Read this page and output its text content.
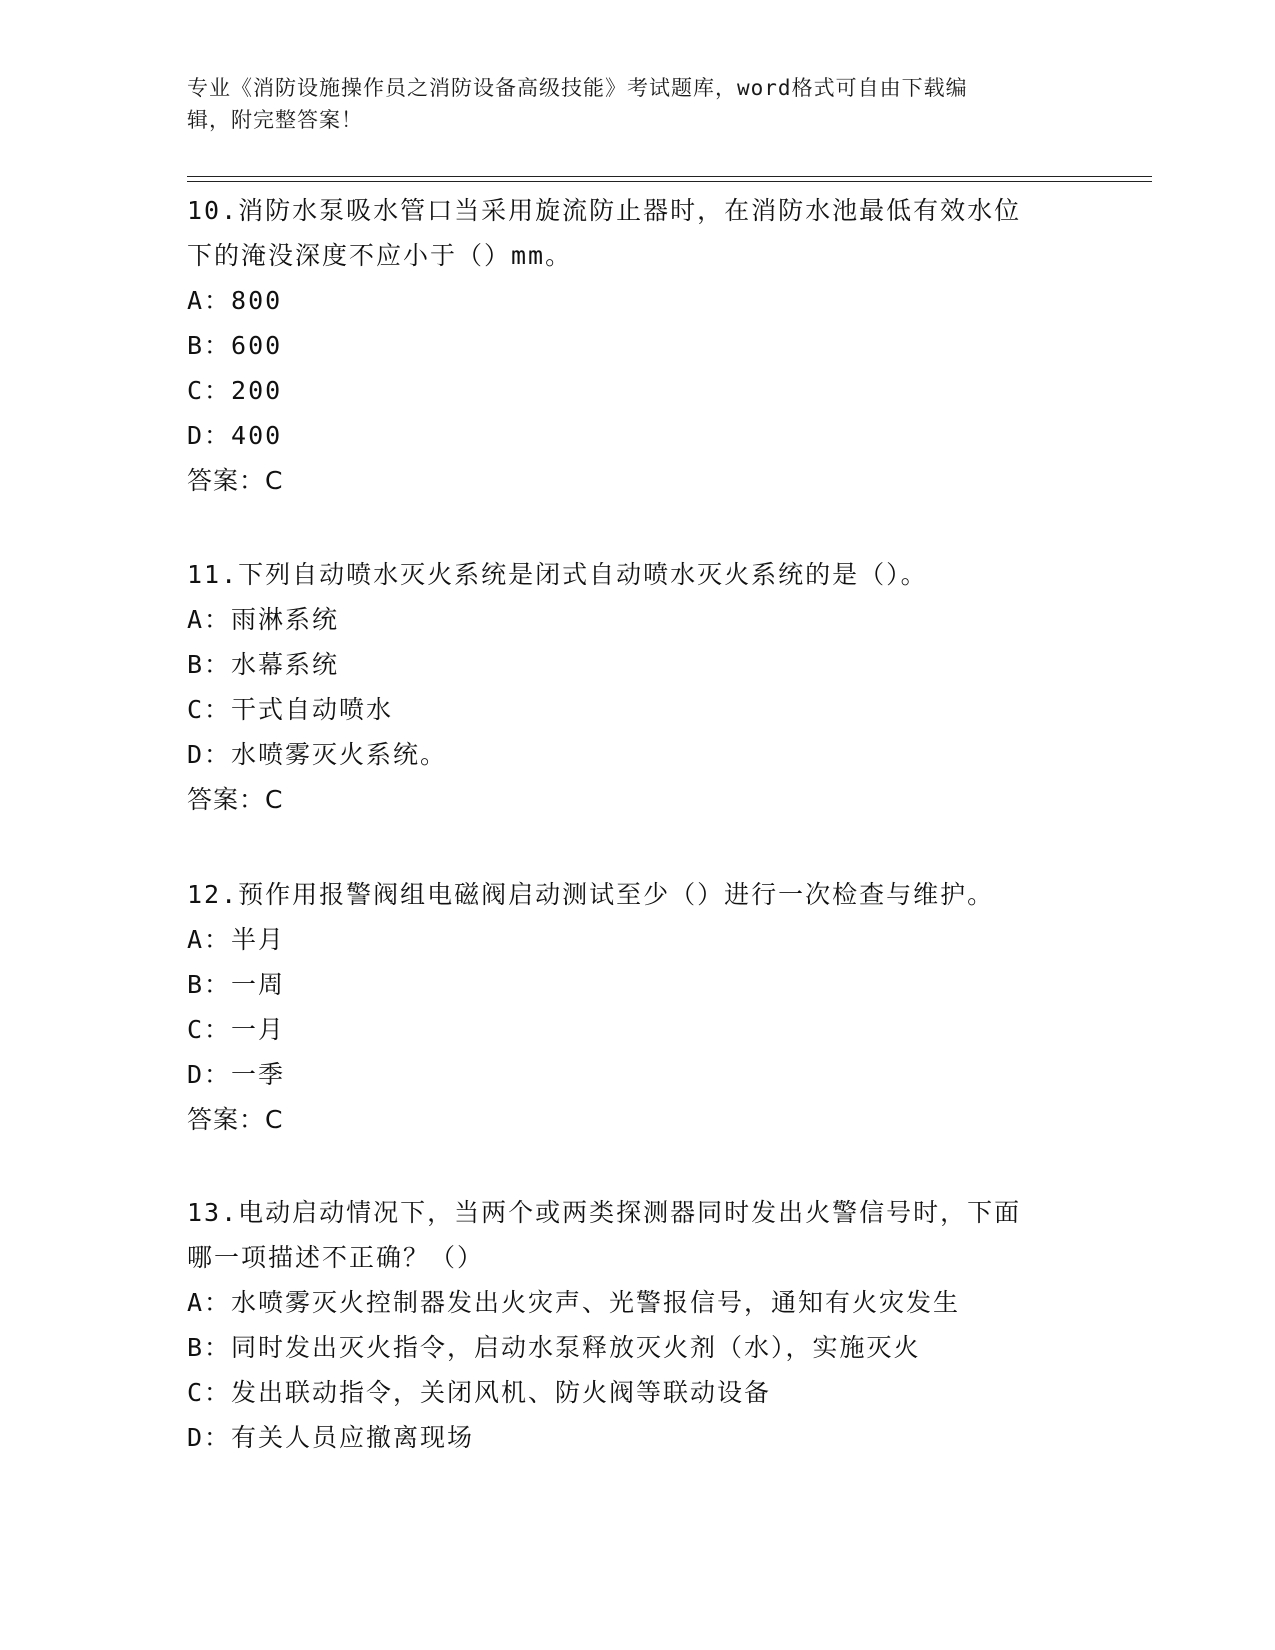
专业《消防设施操作员之消防设备高级技能》考试题库，word格式可自由下载编
辑，附完整答案！

10.消防水泵吸水管口当采用旋流防止器时，在消防水池最低有效水位

下的淹没深度不应小于（）mm。

A：800

B：600

C：200

D：400

答案：C

11.下列自动喷水灭火系统是闭式自动喷水灭火系统的是（）。

A：雨淋系统

B：水幕系统

C：干式自动喷水

D：水喷雾灭火系统。

答案：C

12.预作用报警阀组电磁阀启动测试至少（）进行一次检查与维护。

A：半月

B：一周

C：一月

D：一季

答案：C

13.电动启动情况下，当两个或两类探测器同时发出火警信号时，下面

哪一项描述不正确？（）

A：水喷雾灭火控制器发出火灾声、光警报信号，通知有火灾发生

B：同时发出灭火指令，启动水泵释放灭火剂（水），实施灭火

C：发出联动指令，关闭风机、防火阀等联动设备

D：有关人员应撤离现场
